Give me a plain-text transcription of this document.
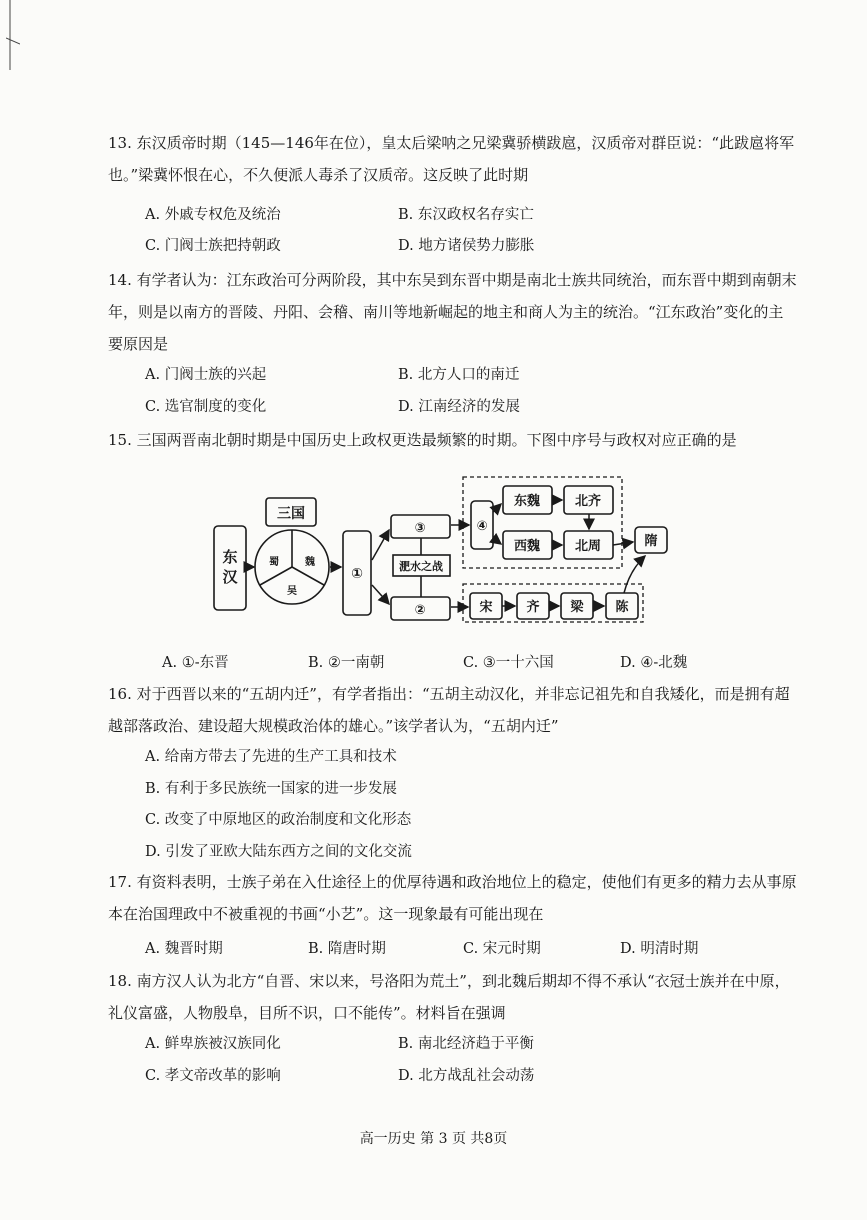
13. 东汉质帝时期（145—146年在位），皇太后梁呐之兄梁冀骄横跋扈，汉质帝对群臣说：“此跋扈将军也。”梁冀怀恨在心，不久便派人毒杀了汉质帝。这反映了此时期

A. 外戚专权危及统治	B. 东汉政权名存实亡
C. 门阀士族把持朝政	D. 地方诸侯势力膨胀

14. 有学者认为：江东政治可分两阶段，其中东吴到东晋中期是南北士族共同统治，而东晋中期到南朝末年，则是以南方的晋陵、丹阳、会稽、南川等地新崛起的地主和商人为主的统治。“江东政治”变化的主要原因是

A. 门阀士族的兴起	B. 北方人口的南迁
C. 选官制度的变化	D. 江南经济的发展

15. 三国两晋南北朝时期是中国历史上政权更迭最频繁的时期。下图中序号与政权对应正确的是

东
汉
三国
蜀	魏
吴
①
③
②
淝水之战
④
东魏	北齐
西魏	北周	隋
宋	齐 梁 陈
A. ①-东晋	B. ②一南朝	C. ③一十六国	D. ④-北魏

16. 对于西晋以来的“五胡内迁”，有学者指出：“五胡主动汉化，并非忘记祖先和自我矮化，而是拥有超越部落政治、建设超大规模政治体的雄心。”该学者认为，“五胡内迁”

A. 给南方带去了先进的生产工具和技术
B. 有利于多民族统一国家的进一步发展
C. 改变了中原地区的政治制度和文化形态
D. 引发了亚欧大陆东西方之间的文化交流

17. 有资料表明，士族子弟在入仕途径上的优厚待遇和政治地位上的稳定，使他们有更多的精力去从事原本在治国理政中不被重视的书画“小艺”。这一现象最有可能出现在

A. 魏晋时期	B. 隋唐时期	C. 宋元时期	D. 明清时期

18. 南方汉人认为北方“自晋、宋以来，号洛阳为荒土”，到北魏后期却不得不承认“衣冠士族并在中原，礼仪富盛，人物殷阜，目所不识，口不能传”。材料旨在强调

A. 鲜卑族被汉族同化	B. 南北经济趋于平衡
C. 孝文帝改革的影响	D. 北方战乱社会动荡
高一历史 第 3 页 共8页
